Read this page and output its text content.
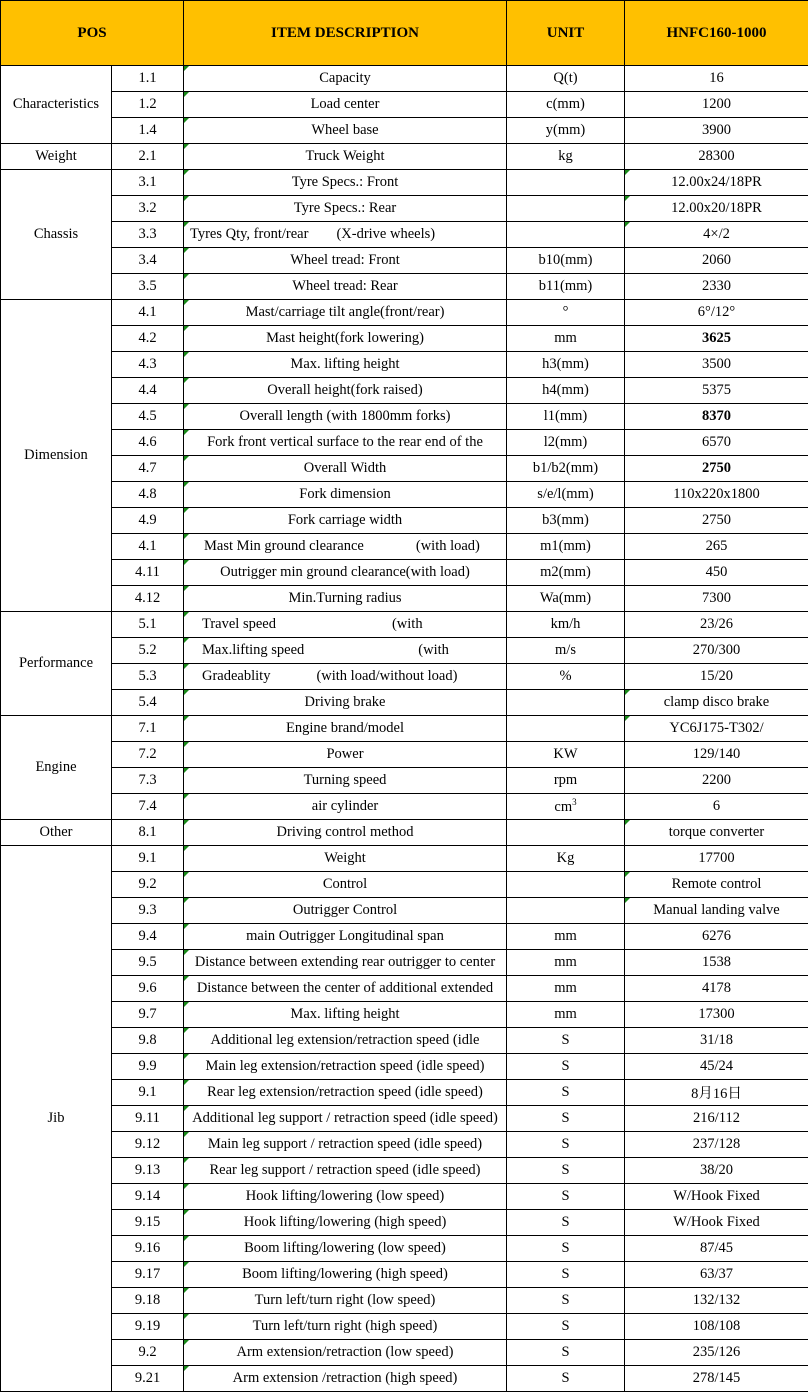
POS		ITEM DESCRIPTION	UNIT	HNFC160-1000
Characteristics	1.1	Capacity	Q(t)	16
	1.2	Load center	c(mm)	1200
	1.4	Wheel base	y(mm)	3900
Weight	2.1	Truck Weight	kg	28300
Chassis	3.1	Tyre Specs.: Front		12.00x24/18PR
	3.2	Tyre Specs.: Rear		12.00x20/18PR
	3.3	Tyres Qty, front/rear (X-drive wheels)		4×/2
	3.4	Wheel tread: Front	b10(mm)	2060
	3.5	Wheel tread: Rear	b11(mm)	2330
Dimension	4.1	Mast/carriage tilt angle(front/rear)	°	6°/12°
	4.2	Mast height(fork lowering)	mm	3625
	4.3	Max. lifting height	h3(mm)	3500
	4.4	Overall height(fork raised)	h4(mm)	5375
	4.5	Overall length (with 1800mm forks)	l1(mm)	8370
	4.6	Fork front vertical surface to the rear end of the	l2(mm)	6570
	4.7	Overall Width	b1/b2(mm)	2750
	4.8	Fork dimension	s/e/l(mm)	110x220x1800
	4.9	Fork carriage width	b3(mm)	2750
	4.1	Mast Min ground clearance (with load)	m1(mm)	265
	4.11	Outrigger min ground clearance(with load)	m2(mm)	450
	4.12	Min.Turning radius	Wa(mm)	7300
Performance	5.1	Travel speed (with	km/h	23/26
	5.2	Max.lifting speed (with	m/s	270/300
	5.3	Gradeablity (with load/without load)	%	15/20
	5.4	Driving brake		clamp disco brake
Engine	7.1	Engine brand/model		YC6J175-T302/
	7.2	Power	KW	129/140
	7.3	Turning speed	rpm	2200
	7.4	air cylinder	$cm^3$	6
Other	8.1	Driving control method		torque converter
Jib	9.1	Weight	Kg	17700
	9.2	Control		Remote control
	9.3	Outrigger Control		Manual landing valve
	9.4	main Outrigger Longitudinal span	mm	6276
	9.5	Distance between extending rear outrigger to center	mm	1538
	9.6	Distance between the center of additional extended	mm	4178
	9.7	Max. lifting height	mm	17300
	9.8	Additional leg extension/retraction speed (idle	S	31/18
	9.9	Main leg extension/retraction speed (idle speed)	S	45/24
	9.1	Rear leg extension/retraction speed (idle speed)	S	8月16日
	9.11	Additional leg support / retraction speed (idle speed)	S	216/112
	9.12	Main leg support / retraction speed (idle speed)	S	237/128
	9.13	Rear leg support / retraction speed (idle speed)	S	38/20
	9.14	Hook lifting/lowering (low speed)	S	W/Hook Fixed
	9.15	Hook lifting/lowering (high speed)	S	W/Hook Fixed
	9.16	Boom lifting/lowering (low speed)	S	87/45
	9.17	Boom lifting/lowering (high speed)	S	63/37
	9.18	Turn left/turn right (low speed)	S	132/132
	9.19	Turn left/turn right (high speed)	S	108/108
	9.2	Arm extension/retraction (low speed)	S	235/126
	9.21	Arm extension /retraction (high speed)	S	278/145
